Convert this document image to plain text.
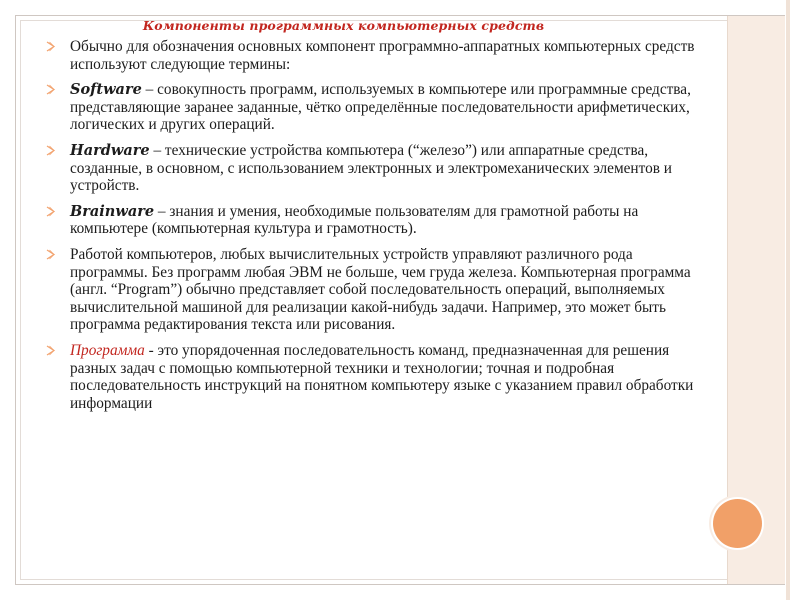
Компоненты программных компьютерных средств
Обычно для обозначения основных компонент программно-аппаратных компьютерных средств используют следующие термины:
Software – совокупность программ, используемых в компьютере или программные средства, представляющие заранее заданные, чётко определённые последовательности арифметических, логических и других операций.
Hardware – технические устройства компьютера (“железо”) или аппаратные средства, созданные, в основном, с использованием электронных и электромеханических элементов и устройств.
Brainware – знания и умения, необходимые пользователям для грамотной работы на компьютере (компьютерная культура и грамотность).
Работой компьютеров, любых вычислительных устройств управляют различного рода программы. Без программ любая ЭВМ не больше, чем груда железа. Компьютерная программа (англ. “Program”) обычно представляет собой последовательность операций, выполняемых вычислительной машиной для реализации какой-нибудь задачи. Например, это может быть программа редактирования текста или рисования.
Программа - это упорядоченная последовательность команд, предназначенная для решения разных задач с помощью компьютерной техники и технологии; точная и подробная последовательность инструкций на понятном компьютеру языке с указанием правил обработки информации
